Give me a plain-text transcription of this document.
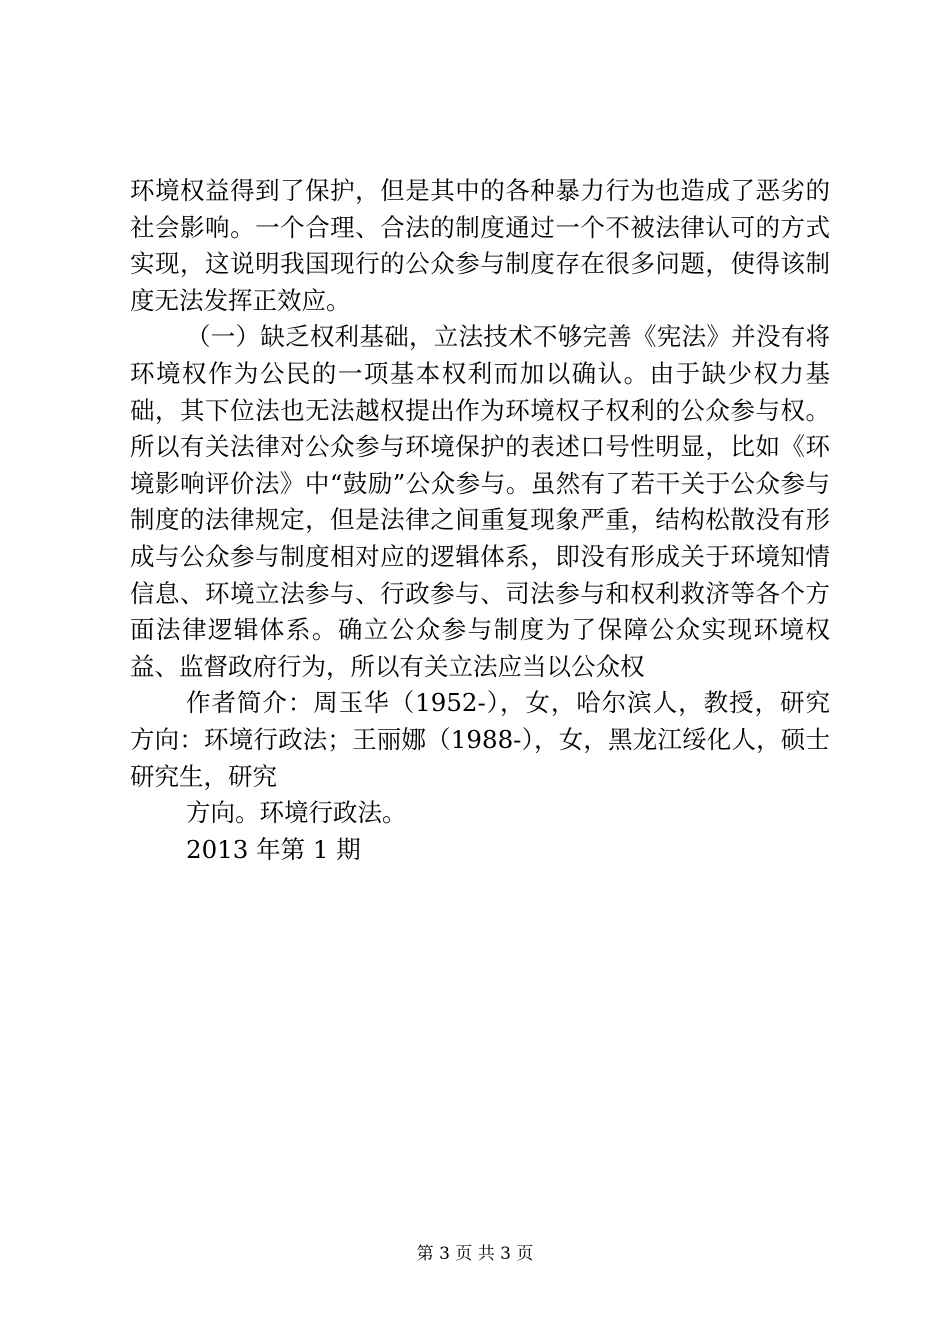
环境权益得到了保护，但是其中的各种暴力行为也造成了恶劣的社会影响。一个合理、合法的制度通过一个不被法律认可的方式实现，这说明我国现行的公众参与制度存在很多问题，使得该制度无法发挥正效应。

（一）缺乏权利基础，立法技术不够完善《宪法》并没有将环境权作为公民的一项基本权利而加以确认。由于缺少权力基础，其下位法也无法越权提出作为环境权子权利的公众参与权。所以有关法律对公众参与环境保护的表述口号性明显，比如《环境影响评价法》中“鼓励”公众参与。虽然有了若干关于公众参与制度的法律规定，但是法律之间重复现象严重，结构松散没有形成与公众参与制度相对应的逻辑体系，即没有形成关于环境知情信息、环境立法参与、行政参与、司法参与和权利救济等各个方面法律逻辑体系。确立公众参与制度为了保障公众实现环境权益、监督政府行为，所以有关立法应当以公众权

作者简介：周玉华（1952-），女，哈尔滨人，教授，研究方向：环境行政法；王丽娜（1988-），女，黑龙江绥化人，硕士研究生，研究

方向。环境行政法。

2013 年第 1 期

第 3 页 共 3 页
